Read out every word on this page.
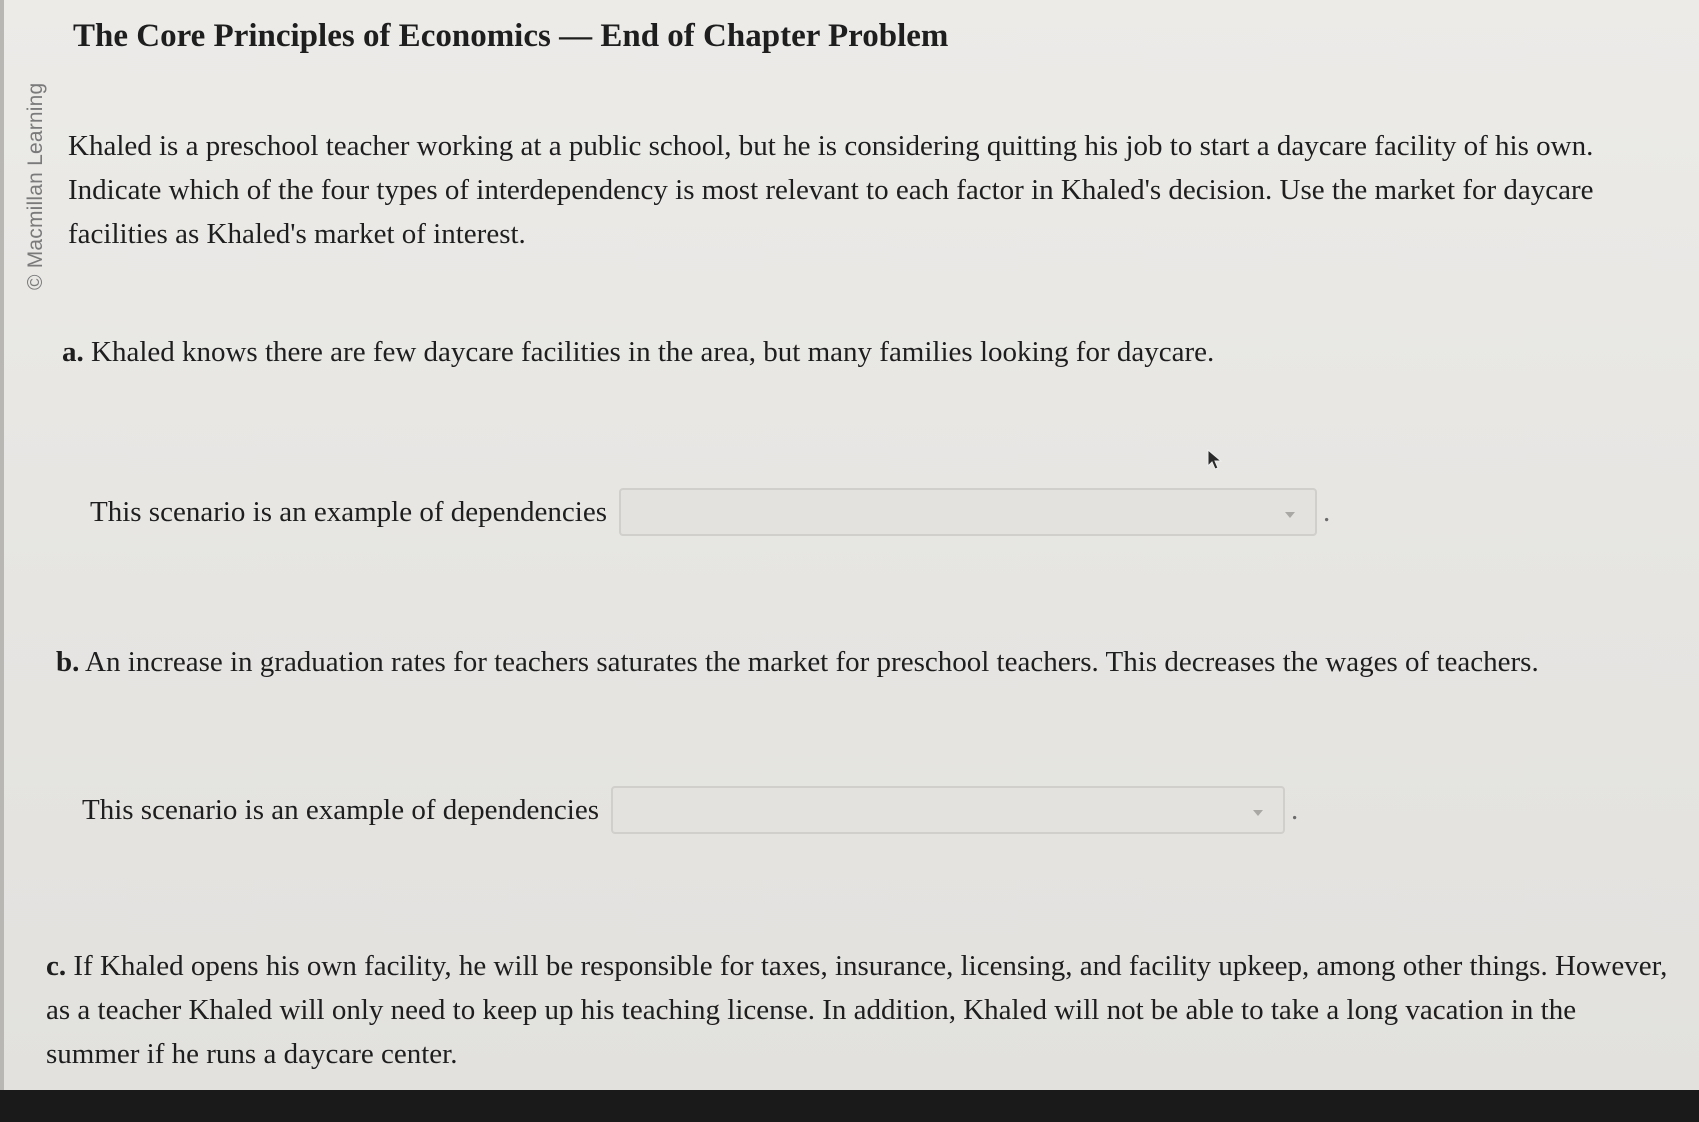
© Macmillan Learning
The Core Principles of Economics — End of Chapter Problem

Khaled is a preschool teacher working at a public school, but he is considering quitting his job to start a daycare facility of his own. Indicate which of the four types of interdependency is most relevant to each factor in Khaled's decision. Use the market for daycare facilities as Khaled's market of interest.

a. Khaled knows there are few daycare facilities in the area, but many families looking for daycare.

This scenario is an example of dependencies	.

b. An increase in graduation rates for teachers saturates the market for preschool teachers. This decreases the wages of teachers.

This scenario is an example of dependencies	.

c. If Khaled opens his own facility, he will be responsible for taxes, insurance, licensing, and facility upkeep, among other things. However, as a teacher Khaled will only need to keep up his teaching license. In addition, Khaled will not be able to take a long vacation in the summer if he runs a daycare center.
